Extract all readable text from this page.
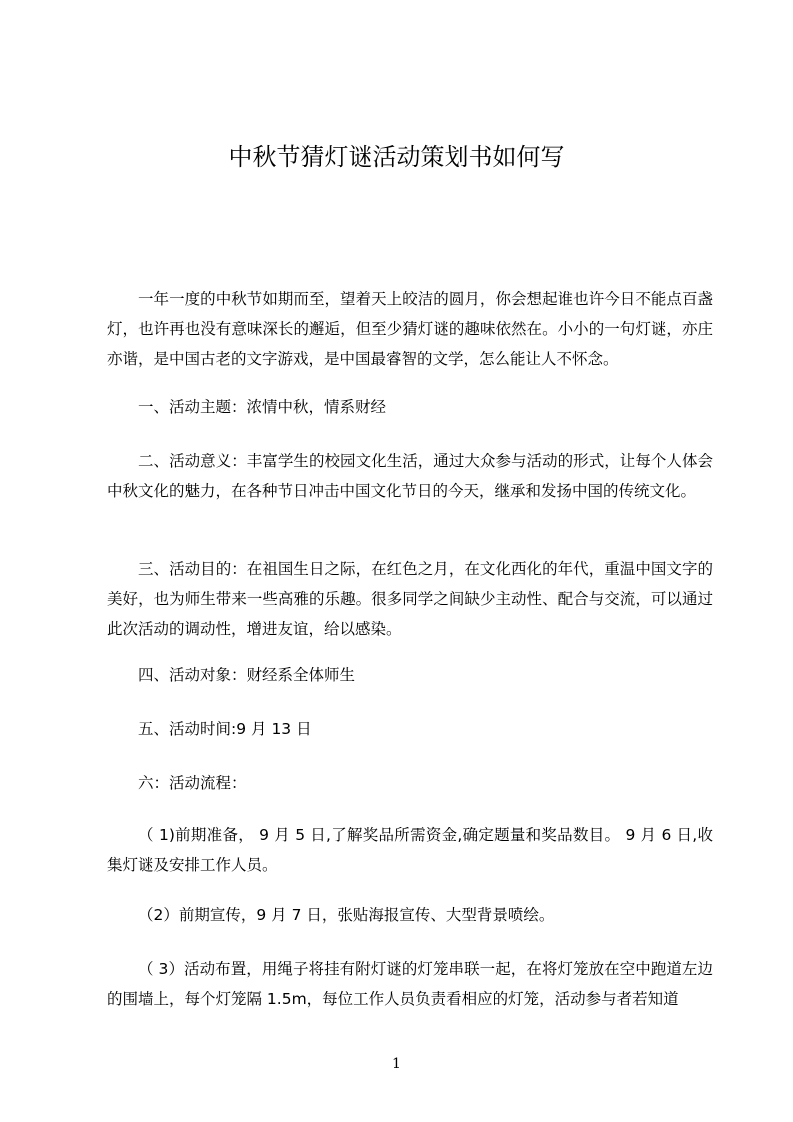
中秋节猜灯谜活动策划书如何写

一年一度的中秋节如期而至，望着天上皎洁的圆月，你会想起谁也许今日不能点百盏灯，也许再也没有意味深长的邂逅，但至少猜灯谜的趣味依然在。小小的一句灯谜，亦庄亦谐，是中国古老的文字游戏，是中国最睿智的文学，怎么能让人不怀念。

一、活动主题：浓情中秋，情系财经

二、活动意义：丰富学生的校园文化生活，通过大众参与活动的形式，让每个人体会中秋文化的魅力，在各种节日冲击中国文化节日的今天，继承和发扬中国的传统文化。

三、活动目的：在祖国生日之际，在红色之月，在文化西化的年代，重温中国文字的美好，也为师生带来一些高雅的乐趣。很多同学之间缺少主动性、配合与交流，可以通过此次活动的调动性，增进友谊，给以感染。

四、活动对象：财经系全体师生

五、活动时间:9 月 13 日

六：活动流程：

（ 1)前期准备， 9 月 5 日,了解奖品所需资金,确定题量和奖品数目。 9 月 6 日,收集灯谜及安排工作人员。

（2）前期宣传，9 月 7 日，张贴海报宣传、大型背景喷绘。

（ 3）活动布置，用绳子将挂有附灯谜的灯笼串联一起，在将灯笼放在空中跑道左边的围墙上，每个灯笼隔 1.5m，每位工作人员负责看相应的灯笼，活动参与者若知道

1
